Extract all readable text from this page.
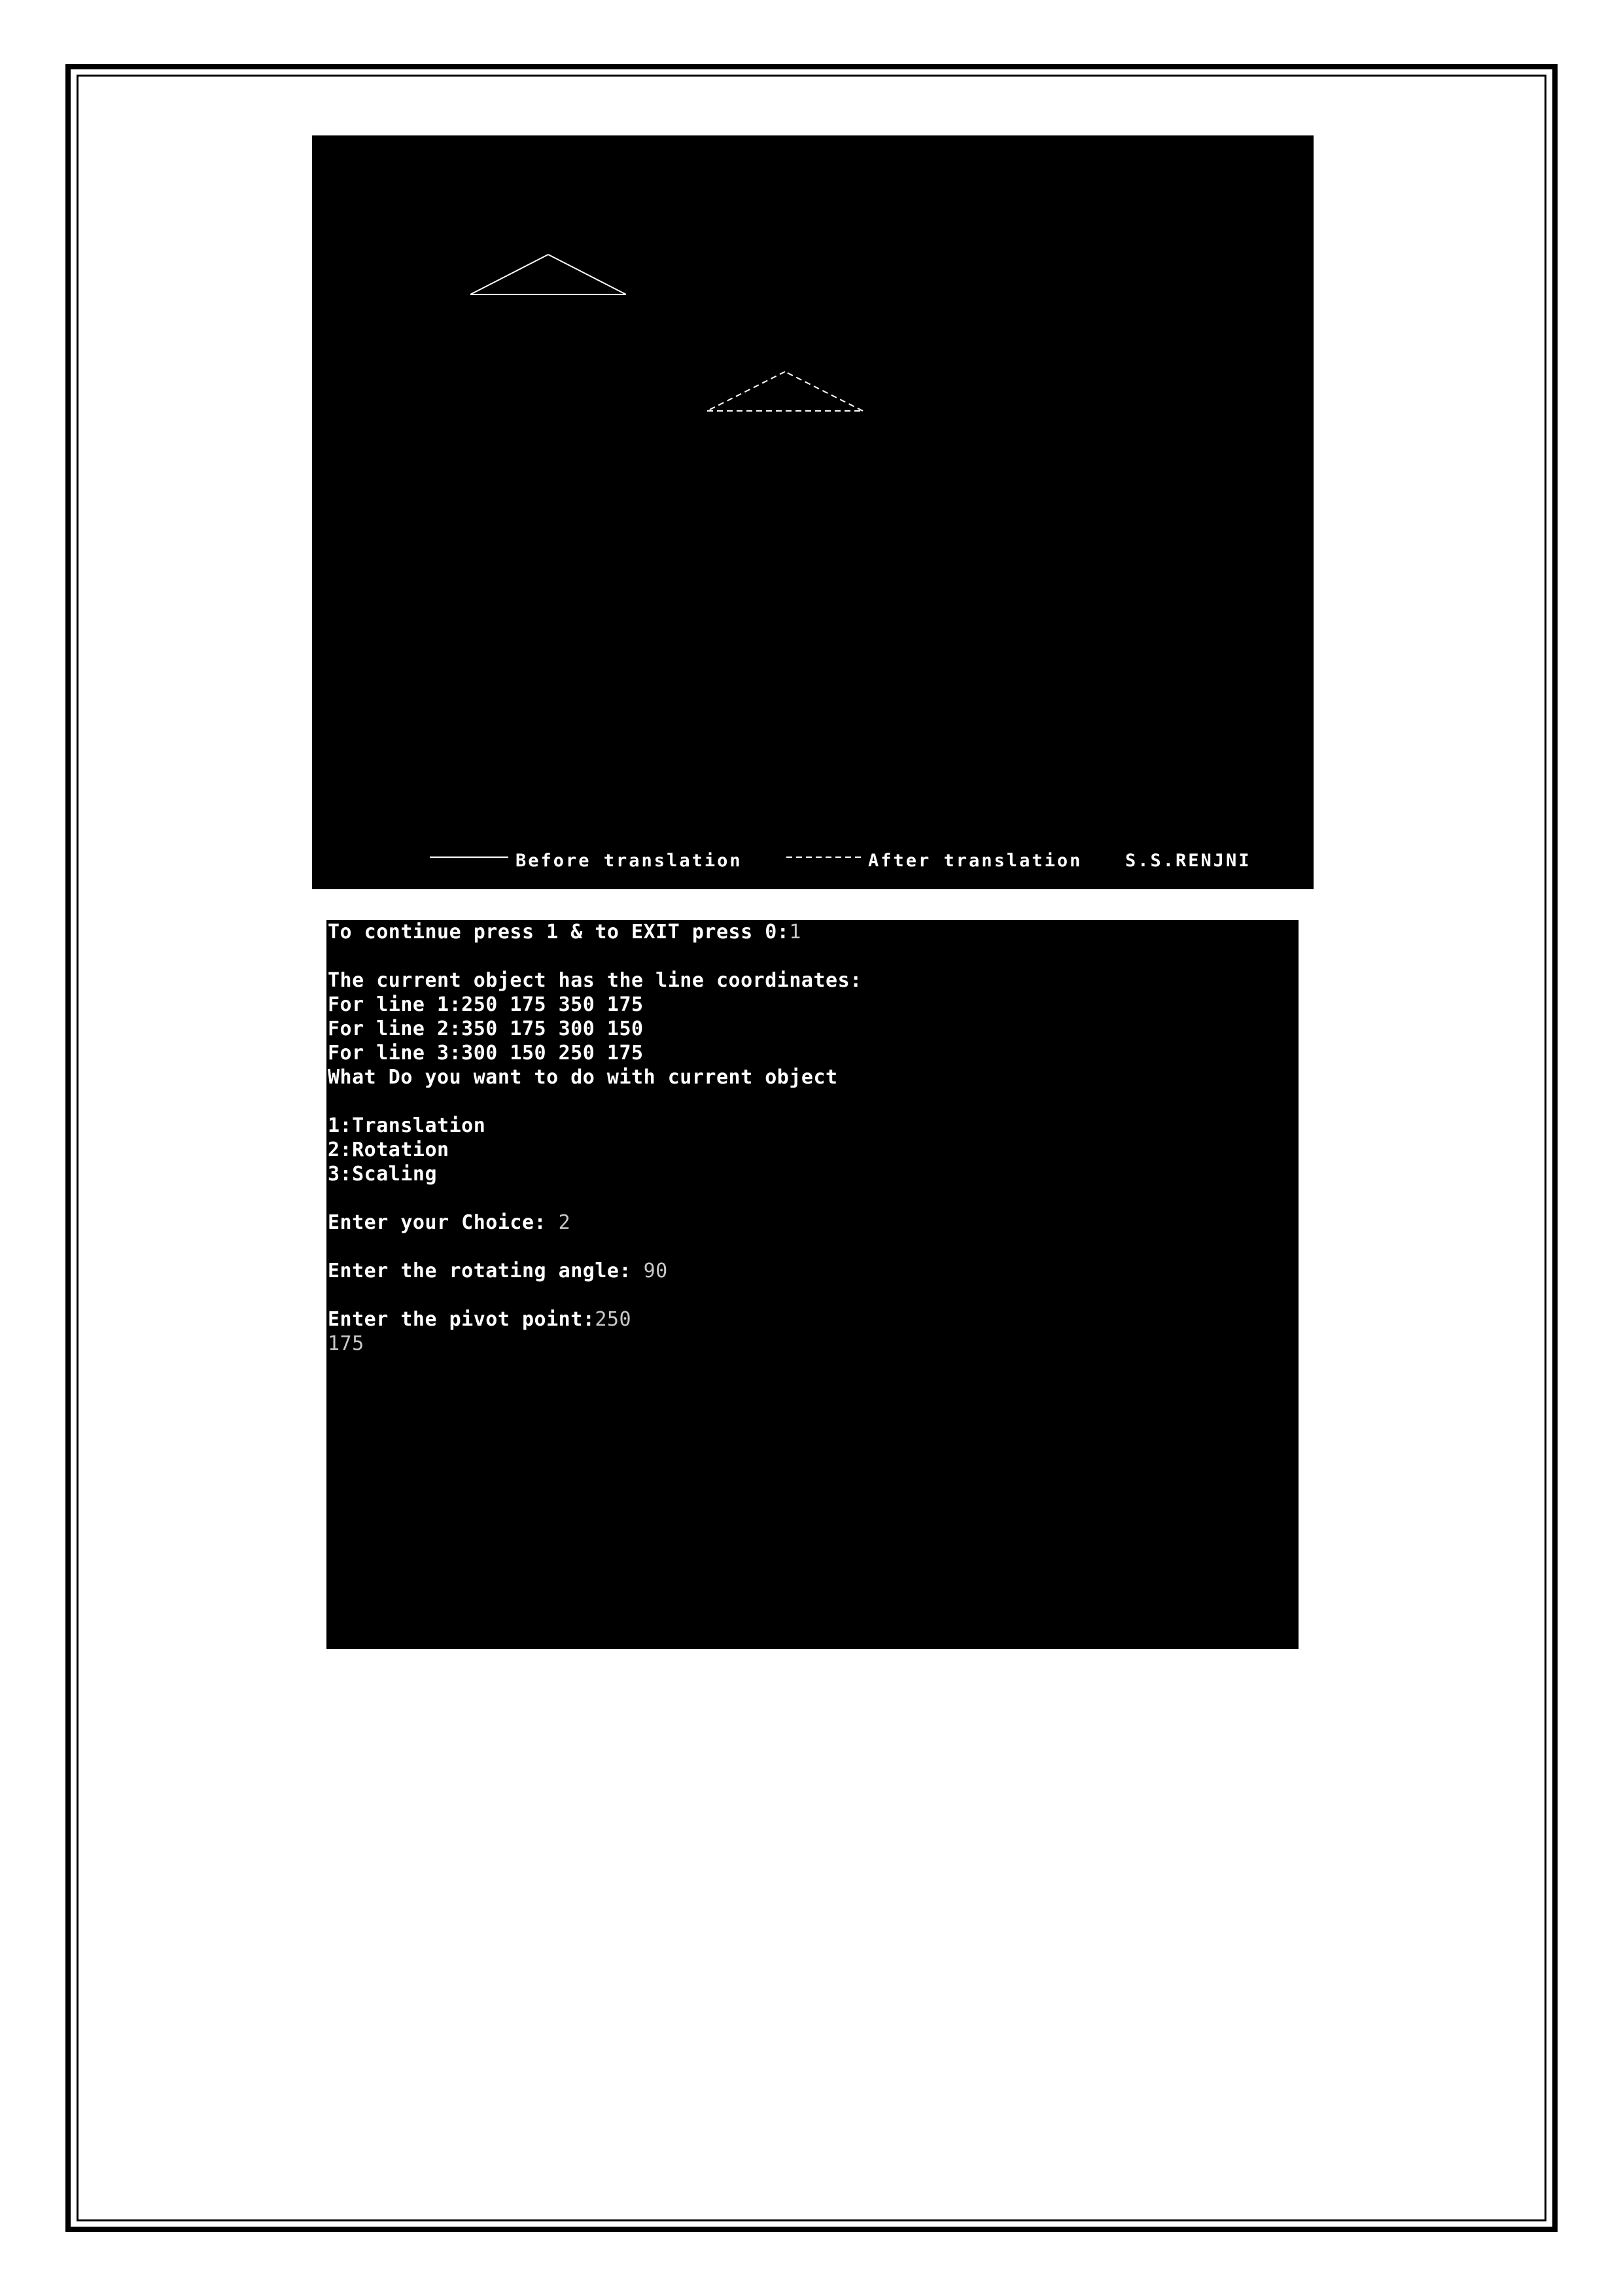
Before translation	After translation S.S.RENJNI
To continue press 1 & to EXIT press 0:1
The current object has the line coordinates:
For line 1:250 175 350 175
For line 2:350 175 300 150
For line 3:300 150 250 175
What Do you want to do with current object
1:Translation
2:Rotation
3:Scaling
Enter your Choice: 2
Enter the rotating angle: 90
Enter the pivot point:250
175
